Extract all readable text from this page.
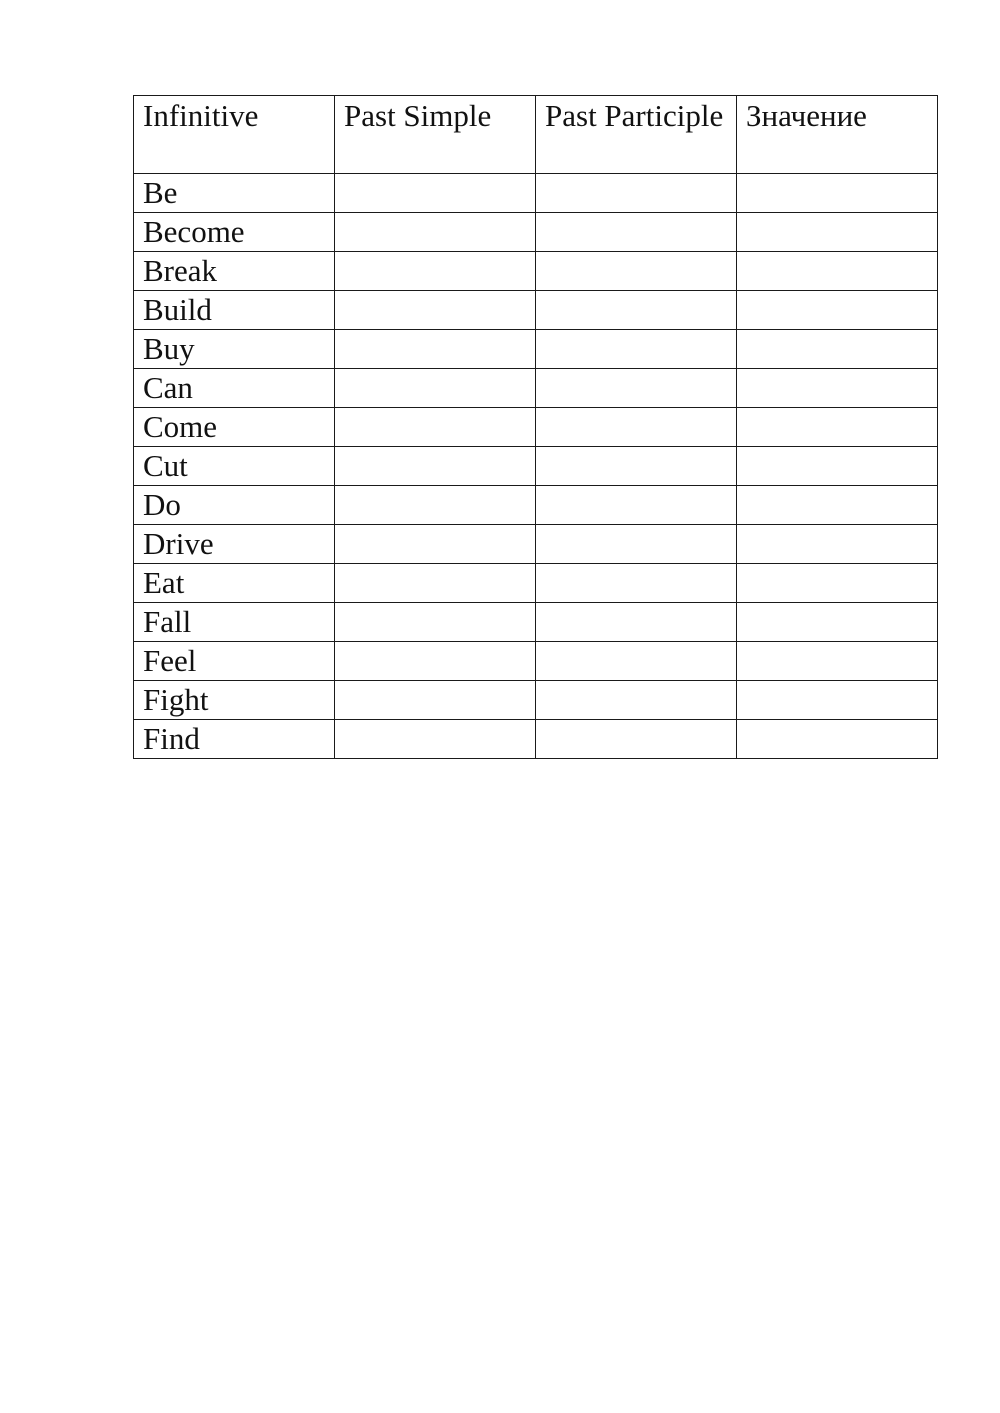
Infinitive	Past Simple	Past Participle	Значение

Be			

Become			

Break			

Build			

Buy			

Can			

Come			

Cut			

Do			

Drive			

Eat			

Fall			

Feel			

Fight			

Find			
